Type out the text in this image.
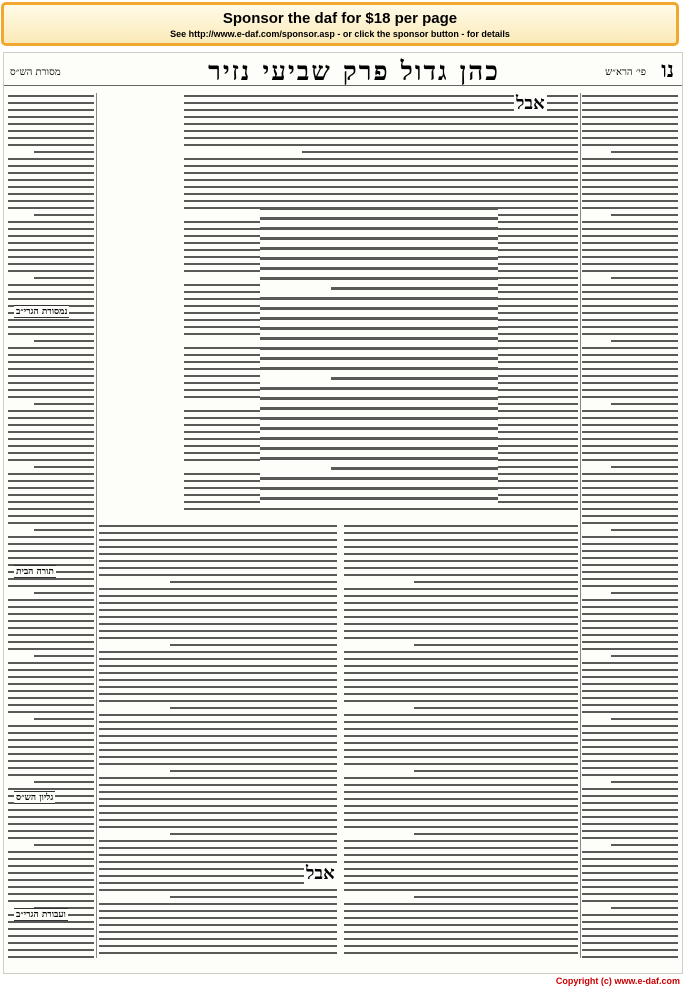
Sponsor the daf for $18 per page
See http://www.e-daf.com/sponsor.asp - or click the sponsor button - for details
נו
פי׳ הרא״ש
כהן גדול פרק שביעי נזיר
מסורת הש״ס
אבל
אבל
נמסורת הגרי״ב
תורה הבית
גליון הש״ס
ועבורת הגרי״ב
Copyright (c) www.e-daf.com
